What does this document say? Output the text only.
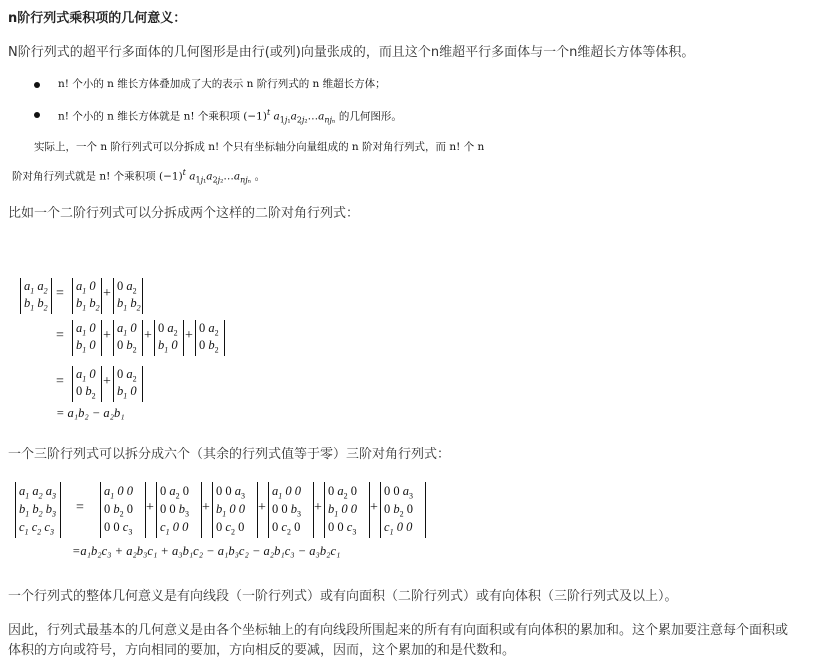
n阶行列式乘积项的几何意义：
N阶行列式的超平行多面体的几何图形是由行(或列)向量张成的，而且这个n维超平行多面体与一个n维超长方体等体积。
n! 个小的 n 维长方体叠加成了大的表示 n 阶行列式的 n 维超长方体；
n! 个小的 n 维长方体就是 n! 个乘积项 $(-1)^t$ $a_{1j_1}a_{2j_2}\dots a_{nj_n}$ 的几何图形。
实际上，一个 n 阶行列式可以分拆成 n! 个只有坐标轴分向量组成的 n 阶对角行列式，而 n! 个 n
阶对角行列式就是 n! 个乘积项 $(-1)^t$ $a_{1j_1}a_{2j_2}\dots a_{nj_n}$ 。
比如一个二阶行列式可以分拆成两个这样的二阶对角行列式：
$a_1$ $a_2$
$b_1$ $b_2$
= $a_1$ 0
$b_1$ $b_2$
+ 0 $a_2$
$b_1$ $b_2$
= $a_1$ 0
$b_1$ 0
+ $a_1$ 0
0 $b_2$
+ 0 $a_2$
$b_1$ 0
+ 0 $a_2$
0 $b_2$
= $a_1$ 0
0 $b_2$
+ 0 $a_2$
$b_1$ 0
= a₁b₂ − a₂b₁
一个三阶行列式可以拆分成六个（其余的行列式值等于零）三阶对角行列式：
$a_1$ $a_2$ $a_3$
$b_1$ $b_2$ $b_3$
$c_1$ $c_2$ $c_3$
=
$a_1$ 0 0
0 $b_2$ 0
0 0 $c_3$
+
0 $a_2$ 0
0 0 $b_3$
$c_1$ 0 0
+
0 0 $a_3$
$b_1$ 0 0
0 $c_2$ 0
+
$a_1$ 0 0
0 0 $b_3$
0 $c_2$ 0
+
0 $a_2$ 0
$b_1$ 0 0
0 0 $c_3$
+
0 0 $a_3$
0 $b_2$ 0
$c_1$ 0 0
=a₁b₂c₃ + a₂b₃c₁ + a₃b₁c₂ − a₁b₃c₂ − a₂b₁c₃ − a₃b₂c₁
一个行列式的整体几何意义是有向线段（一阶行列式）或有向面积（二阶行列式）或有向体积（三阶行列式及以上）。
因此，行列式最基本的几何意义是由各个坐标轴上的有向线段所围起来的所有有向面积或有向体积的累加和。这个累加要注意每个面积或
体积的方向或符号，方向相同的要加，方向相反的要减，因而，这个累加的和是代数和。
